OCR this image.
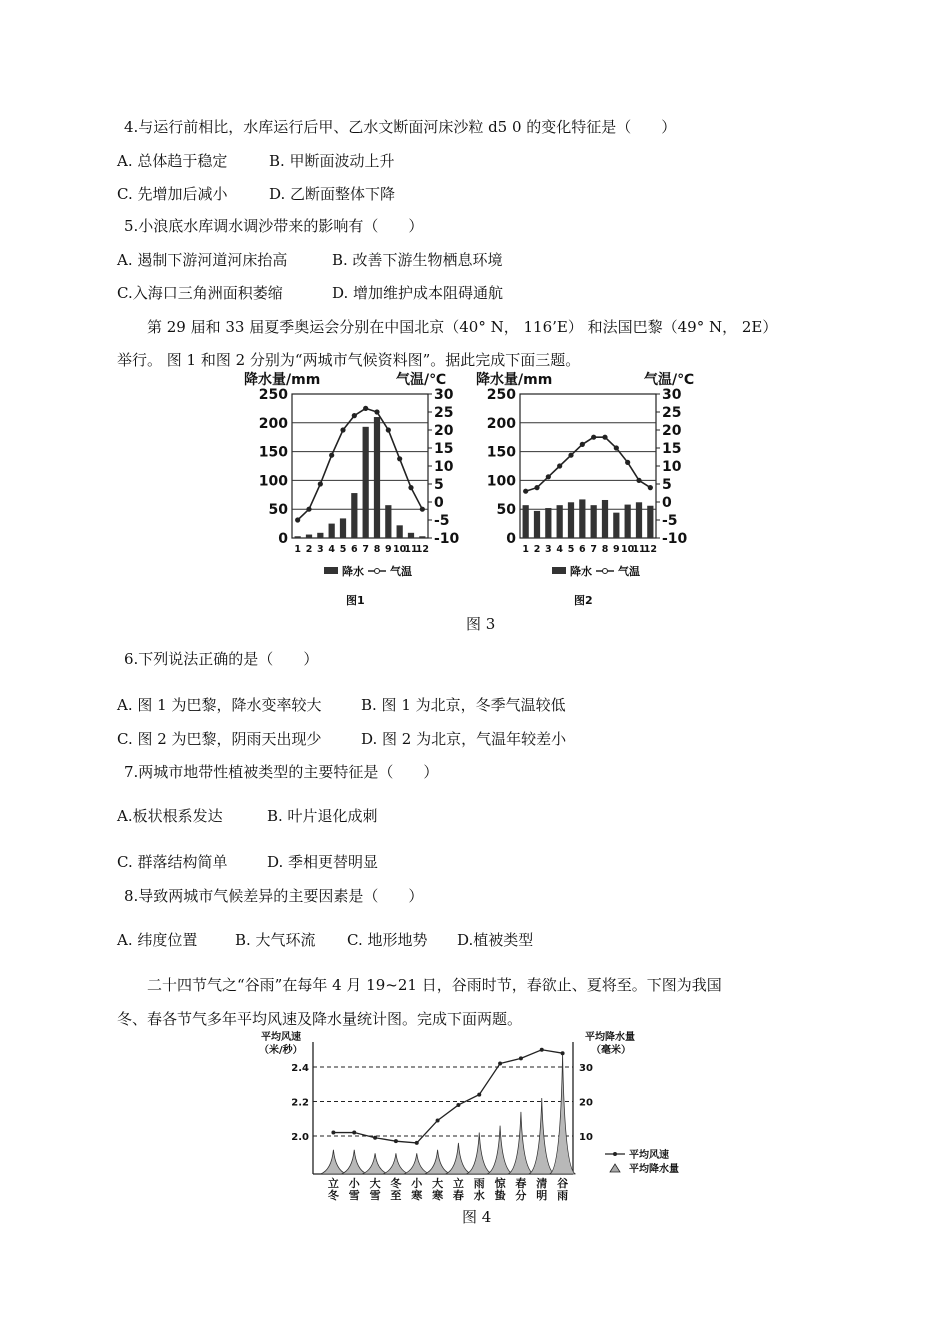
4.与运行前相比，水库运行后甲、乙水文断面河床沙粒 d5 0 的变化特征是（　　）
A. 总体趋于稳定	B. 甲断面波动上升
C. 先增加后减小	D. 乙断面整体下降
5.小浪底水库调水调沙带来的影响有（　　）
A. 遏制下游河道河床抬高	B. 改善下游生物栖息环境
C.入海口三角洲面积萎缩	D. 增加维护成本阻碍通航
第 29 届和 33 届夏季奥运会分别在中国北京（40° N， 116’E） 和法国巴黎（49° N， 2E）
举行。 图 1 和图 2 分别为“两城市气候资料图”。据此完成下面三题。
降水量/mm	气温/℃ 降水量/mm	气温/℃
0
50
100
150
200
250
-10
-5
0
5
10
15
20
25
30
1 2 3 4 5 6 7 8 9 10
11
12
0
50
100
150
200
250
-10
-5
0
5
10
15
20
25
30
1 2 3 4 5 6 7 8 9 10
11
12
降水 气温	降水 气温
图1	图2
图 3
6.下列说法正确的是（　　）
A. 图 1 为巴黎，降水变率较大	B. 图 1 为北京，冬季气温较低
C. 图 2 为巴黎，阴雨天出现少	D. 图 2 为北京，气温年较差小
7.两城市地带性植被类型的主要特征是（　　）
A.板状根系发达	B. 叶片退化成刺
C. 群落结构简单	D. 季相更替明显
8.导致两城市气候差异的主要因素是（　　）
A. 纬度位置	B. 大气环流 C. 地形地势 D.植被类型
二十四节气之“谷雨”在每年 4 月 19~21 日，谷雨时节，春欲止、夏将至。下图为我国
冬、春各节气多年平均风速及降水量统计图。完成下面两题。
平均风速
（米/秒）
平均降水量
（毫米）
2.0
2.2
2.4
10
20
30
立
冬
小
雪
大
雪
冬
至
小
寒
大
寒
立
春
雨
水
惊
蛰
春
分
清
明
谷
雨
平均风速
平均降水量
图 4
